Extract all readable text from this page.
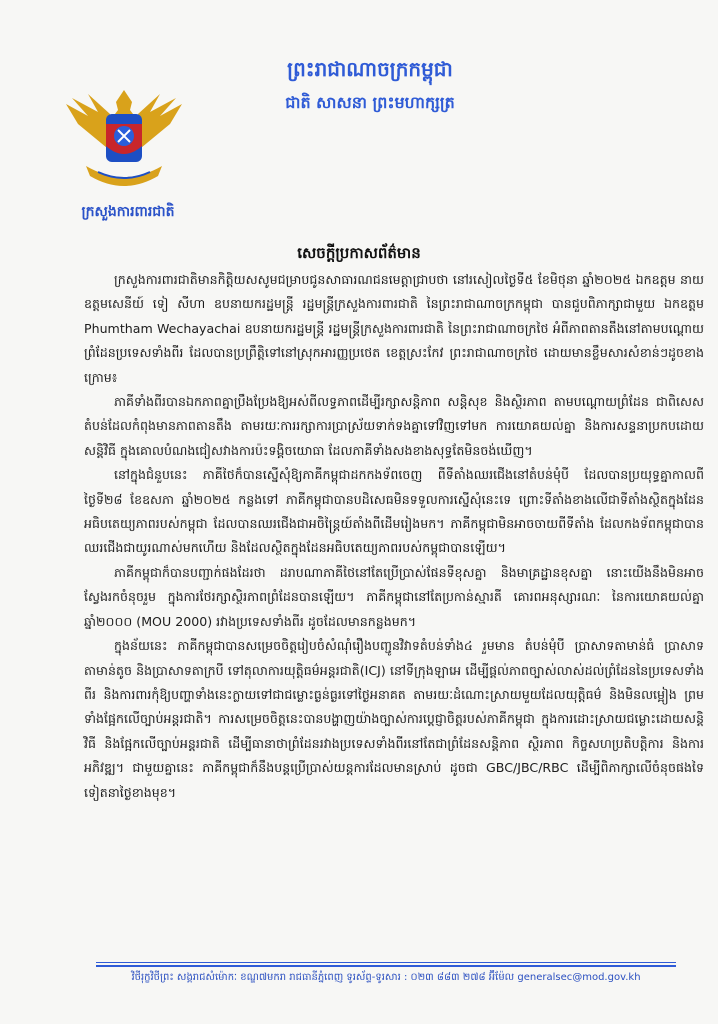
ក្រសួងការពារជាតិ
ព្រះរាជាណាចក្រកម្ពុជា
ជាតិ សាសនា ព្រះមហាក្សត្រ
សេចក្តីប្រកាសព័ត៌មាន

ក្រសួងការពារជាតិមានកិត្តិយសសូមជម្រាបជូនសាធារណជនមេត្តាជ្រាបថា នៅរសៀលថ្ងៃទី៥ ខែមិថុនា ឆ្នាំ២០២៥ ឯកឧត្តម នាយឧត្តមសេនីយ៍ ទៀ សីហា ឧបនាយករដ្ឋមន្ត្រី រដ្ឋមន្ត្រីក្រសួងការពារជាតិ នៃព្រះរាជាណាចក្រកម្ពុជា បានជួបពិភាក្សាជាមួយ ឯកឧត្តម Phumtham Wechayachai ឧបនាយករដ្ឋមន្ត្រី រដ្ឋមន្ត្រីក្រសួងការពារជាតិ នៃព្រះរាជាណាចក្រថៃ អំពីភាពតានតឹងនៅតាមបណ្តោយព្រំដែនប្រទេសទាំងពីរ ដែលបានប្រព្រឹត្តិទៅនៅស្រុកអារញ្ញប្រថេត ខេត្តស្រះកែវ ព្រះរាជាណាចក្រថៃ ដោយមានខ្លឹមសារសំខាន់ៗដូចខាងក្រោម៖

ភាគីទាំងពីរបានឯកភាពគ្នាប្រឹងប្រែងឱ្យអស់ពីលទ្ធភាពដើម្បីរក្សាសន្តិភាព សន្តិសុខ និងស្ថិរភាព តាមបណ្តោយព្រំដែន ជាពិសេសតំបន់ដែលកំពុងមានភាពតានតឹង តាមរយៈការរក្សាការប្រាស្រ័យទាក់ទងគ្នាទៅវិញទៅមក ការយោគយល់គ្នា និងការសន្ទនាប្រកបដោយសន្តិវិធី ក្នុងគោលបំណងជៀសវាងការប៉ះទង្គិចយោធា ដែលភាគីទាំងសងខាងសុទ្ធតែមិនចង់ឃើញ។

នៅក្នុងជំនួបនេះ ភាគីថៃក៏បានស្នើសុំឱ្យភាគីកម្ពុជាដកកងទ័ពចេញ ពីទីតាំងឈរជើងនៅតំបន់មុំបី ដែលបានប្រយុទ្ធគ្នាកាលពីថ្ងៃទី២៨ ខែឧសភា ឆ្នាំ២០២៥ កន្លងទៅ ភាគីកម្ពុជាបានបដិសេធមិនទទួលការស្នើសុំនេះទេ ព្រោះទីតាំងខាងលើជាទីតាំងស្ថិតក្នុងដែនអធិបតេយ្យភាពរបស់កម្ពុជា ដែលបានឈរជើងជាអចិន្ត្រៃយ៍តាំងពីដើមរៀងមក។ ភាគីកម្ពុជាមិនអាចចាយពីទីតាំង ដែលកងទ័ពកម្ពុជាបានឈរជើងជាយូរណាស់មកហើយ និងដែលស្ថិតក្នុងដែនអធិបតេយ្យភាពរបស់កម្ពុជាបានឡើយ។

ភាគីកម្ពុជាក៏បានបញ្ជាក់ផងដែរថា ដរាបណាភាគីថៃនៅតែប្រើប្រាស់ផែនទីខុសគ្នា និងមាគ្រដ្ឋានខុសគ្នា នោះយើងនឹងមិនអាចស្វែងរកចំនុចរួម ក្នុងការថែរក្សាស្ថិរភាពព្រំដែនបានឡើយ។ ភាគីកម្ពុជានៅតែប្រកាន់ស្មារតី គោរពអនុស្សារណៈ នៃការយោគយល់គ្នាឆ្នាំ២០០០ (MOU 2000) រវាងប្រទេសទាំងពីរ ដូចដែលមានកន្លងមក។

ក្នុងន័យនេះ ភាគីកម្ពុជាបានសម្រេចចិត្តរៀបចំសំណុំរឿងបញ្ជូនវិវាទតំបន់ទាំង៤ រួមមាន តំបន់មុំបី ប្រាសាទតាមាន់ធំ ប្រាសាទតាមាន់តូច និងប្រាសាទតាក្របី ទៅតុលាការយុត្តិធម៌អន្តរជាតិ(ICJ) នៅទីក្រុងឡាអេ ដើម្បីផ្តល់ភាពច្បាស់លាស់ដល់ព្រំដែននៃប្រទេសទាំងពីរ និងការពារកុំឱ្យបញ្ហាទាំងនេះក្លាយទៅជាជម្លោះធ្ងន់ធ្ងរទៅថ្ងៃអនាគត តាមរយៈដំណោះស្រាយមួយដែលយុត្តិធម៌ និងមិនលម្អៀង ព្រមទាំងផ្អែកលើច្បាប់អន្តរជាតិ។ ការសម្រេចចិត្តនេះបានបង្ហាញយ៉ាងច្បាស់ការប្តេជ្ញាចិត្តរបស់ភាគីកម្ពុជា ក្នុងការដោះស្រាយជម្លោះដោយសន្តិវិធី និងផ្អែកលើច្បាប់អន្តរជាតិ ដើម្បីធានាថាព្រំដែនរវាងប្រទេសទាំងពីរនៅតែជាព្រំដែនសន្តិភាព ស្ថិរភាព កិច្ចសហប្រតិបត្តិការ និងការអភិវឌ្ឍ។ ជាមួយគ្នានេះ ភាគីកម្ពុជាក៏នឹងបន្តប្រើប្រាស់យន្តការដែលមានស្រាប់ ដូចជា GBC/JBC/RBC ដើម្បីពិភាក្សាលើចំនុចផងទៃទៀតនាថ្ងៃខាងមុខ។

វិថីរុក្ខវិថីព្រះ សង្គរាជសំម៉ោកៈ ខណ្ឌ៧មករា រាជធានីភ្នំពេញ ទូរស័ព្ទ-ទូរសារ : ០២៣ ៨៨៣ ២៧៨ អ៊ីម៉ែល generalsec@mod.gov.kh
